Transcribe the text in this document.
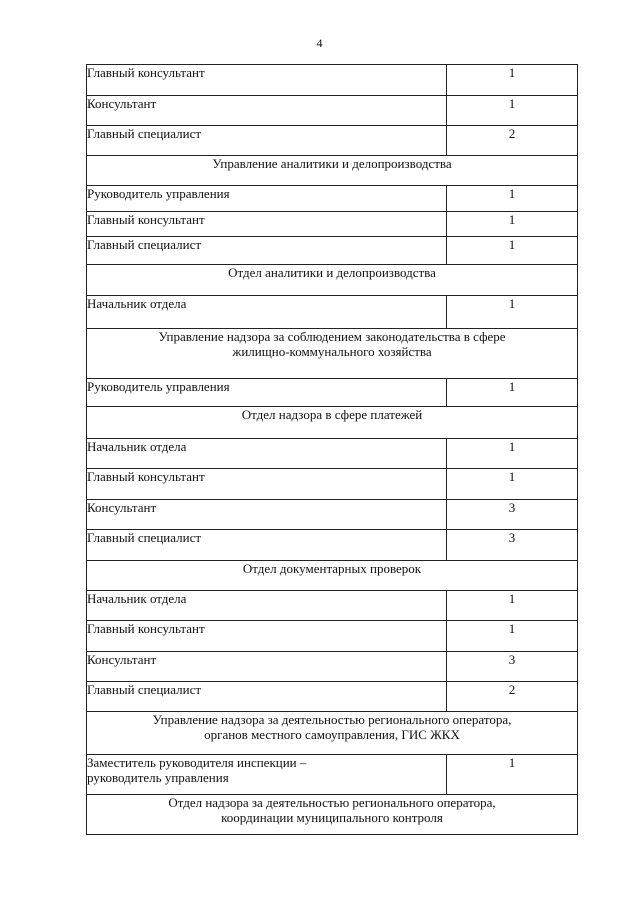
4
Главный консультант	1
Консультант	1
Главный специалист	2

Управление аналитики и делопроизводства	

Руководитель управления	1
Главный консультант	1
Главный специалист	1

Отдел аналитики и делопроизводства	

Начальник отдела	1

Управление надзора за соблюдением законодательства в сфере
жилищно-коммунального хозяйства	

Руководитель управления	1

Отдел надзора в сфере платежей	

Начальник отдела	1
Главный консультант	1
Консультант	3
Главный специалист	3

Отдел документарных проверок	

Начальник отдела	1
Главный консультант	1
Консультант	3
Главный специалист	2

Управление надзора за деятельностью регионального оператора,
органов местного самоуправления, ГИС ЖКХ	

Заместитель руководителя инспекции – руководитель управления	1

Отдел надзора за деятельностью регионального оператора,
координации муниципального контроля	
